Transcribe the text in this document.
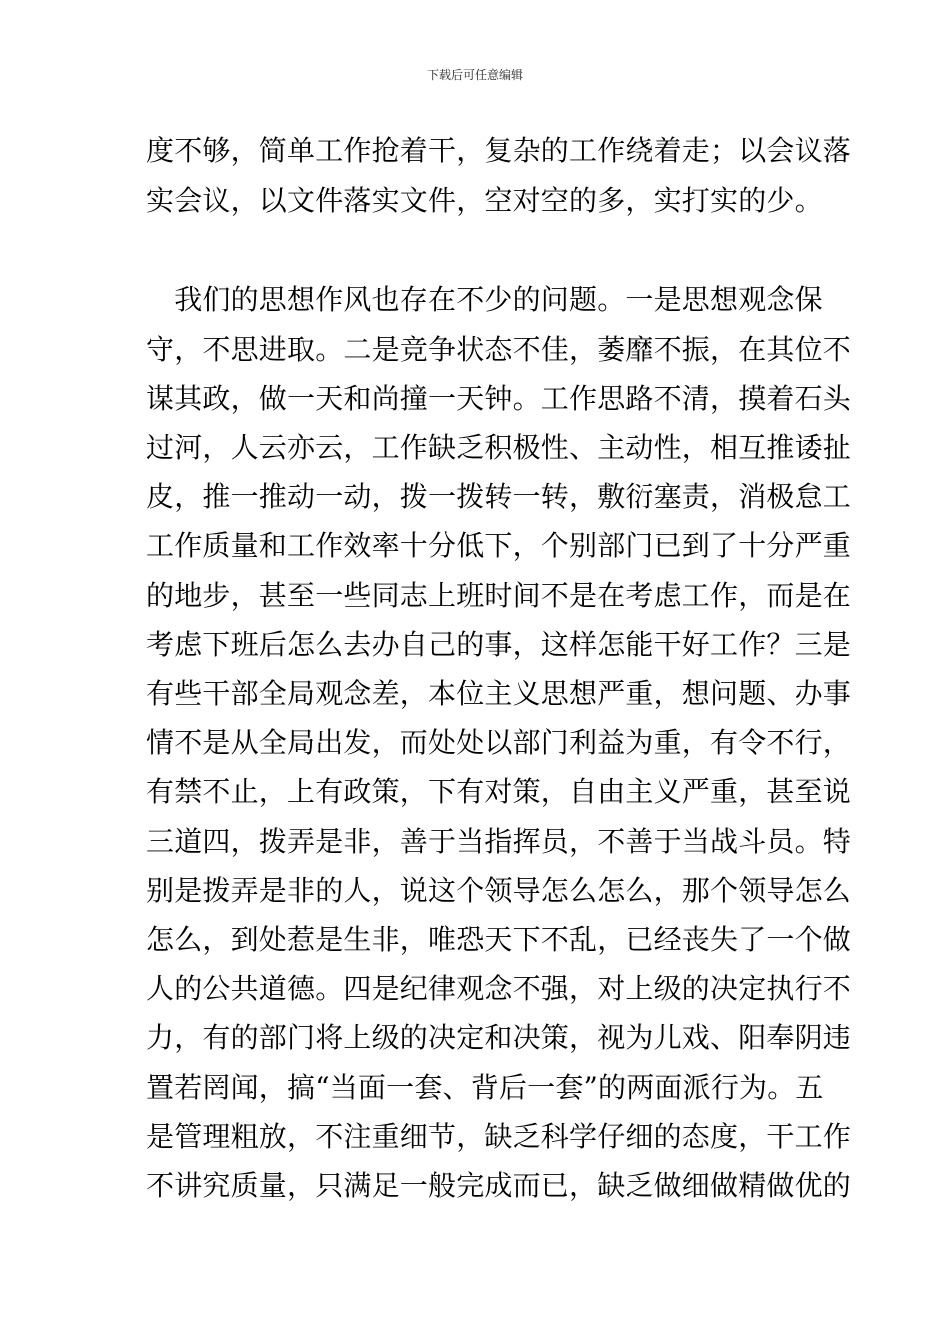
下载后可任意编辑
度不够，简单工作抢着干，复杂的工作绕着走；以会议落
实会议，以文件落实文件，空对空的多，实打实的少。
　我们的思想作风也存在不少的问题。一是思想观念保
守，不思进取。二是竞争状态不佳，萎靡不振，在其位不
谋其政，做一天和尚撞一天钟。工作思路不清，摸着石头
过河，人云亦云，工作缺乏积极性、主动性，相互推诿扯
皮，推一推动一动，拨一拨转一转，敷衍塞责，消极怠工
工作质量和工作效率十分低下，个别部门已到了十分严重
的地步，甚至一些同志上班时间不是在考虑工作，而是在
考虑下班后怎么去办自己的事，这样怎能干好工作？三是
有些干部全局观念差，本位主义思想严重，想问题、办事
情不是从全局出发，而处处以部门利益为重，有令不行，
有禁不止，上有政策，下有对策，自由主义严重，甚至说
三道四，拨弄是非，善于当指挥员，不善于当战斗员。特
别是拨弄是非的人，说这个领导怎么怎么，那个领导怎么
怎么，到处惹是生非，唯恐天下不乱，已经丧失了一个做
人的公共道德。四是纪律观念不强，对上级的决定执行不
力，有的部门将上级的决定和决策，视为儿戏、阳奉阴违
置若罔闻，搞“当面一套、背后一套”的两面派行为。五
是管理粗放，不注重细节，缺乏科学仔细的态度，干工作
不讲究质量，只满足一般完成而已，缺乏做细做精做优的
